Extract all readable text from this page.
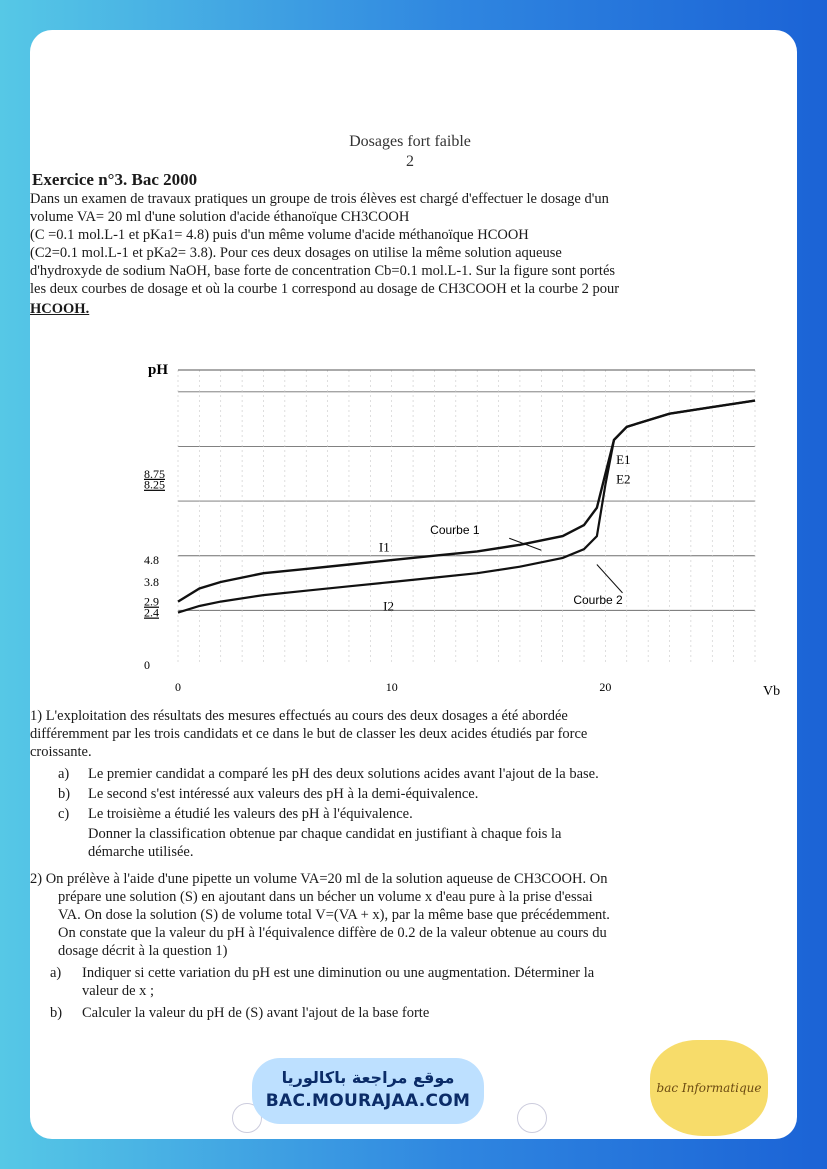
Dosages fort faible
2
Exercice n°3. Bac 2000
Dans un examen de travaux pratiques un groupe de trois élèves est chargé d'effectuer le dosage d'un
volume VA= 20 ml d'une solution d'acide éthanoïque CH3COOH
(C =0.1 mol.L-1 et pKa1= 4.8) puis d'un même volume d'acide méthanoïque HCOOH
(C2=0.1 mol.L-1 et pKa2= 3.8). Pour ces deux dosages on utilise la même solution aqueuse
d'hydroxyde de sodium NaOH, base forte de concentration Cb=0.1 mol.L-1. Sur la figure sont portés
les deux courbes de dosage et où la courbe 1 correspond au dosage de CH3COOH et la courbe 2 pour
HCOOH.
pH
8.75
8.25
4.8
3.8
2.9
2.4
0
0	10	20	Vb
Courbe 1
Courbe 2
I1
I2
E1
E2
1) L'exploitation des résultats des mesures effectués au cours des deux dosages a été abordée
différemment par les trois candidats et ce dans le but de classer les deux acides étudiés par force
croissante.
a) Le premier candidat a comparé les pH des deux solutions acides avant l'ajout de la base.
b) Le second s'est intéressé aux valeurs des pH à la demi-équivalence.
c) Le troisième a étudié les valeurs des pH à l'équivalence.
Donner la classification obtenue par chaque candidat en justifiant à chaque fois la
démarche utilisée.
2) On prélève à l'aide d'une pipette un volume VA=20 ml de la solution aqueuse de CH3COOH. On
prépare une solution (S) en ajoutant dans un bécher un volume x d'eau pure à la prise d'essai
VA. On dose la solution (S) de volume total V=(VA + x), par la même base que précédemment.
On constate que la valeur du pH à l'équivalence diffère de 0.2 de la valeur obtenue au cours du
dosage décrit à la question 1)
a) Indiquer si cette variation du pH est une diminution ou une augmentation. Déterminer la
valeur de x ;
b) Calculer la valeur du pH de (S) avant l'ajout de la base forte
موقع مراجعة باكالوريا
BAC.MOURAJAA.COM
bac Informatique
